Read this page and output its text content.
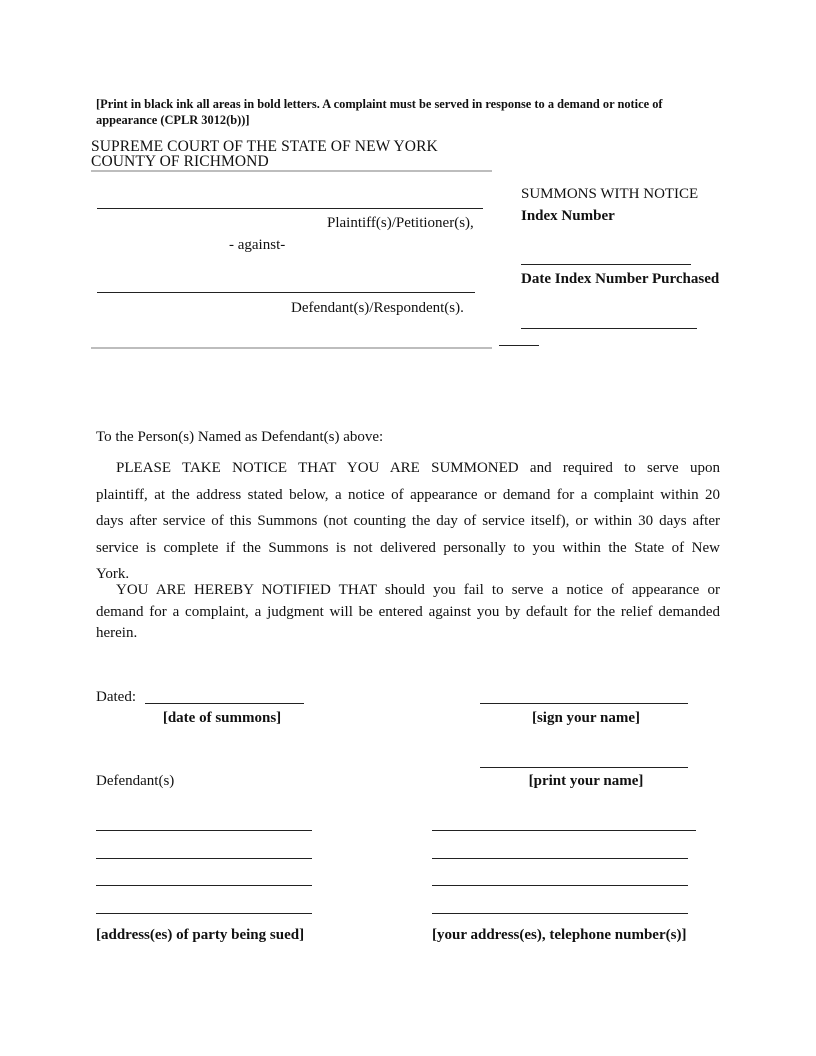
[Print in black ink all areas in bold letters. A complaint must be served in response to a demand or notice of appearance (CPLR 3012(b))]
SUPREME COURT OF THE STATE OF NEW YORK
COUNTY OF RICHMOND
Plaintiff(s)/Petitioner(s),
- against-
Defendant(s)/Respondent(s).
SUMMONS WITH NOTICE
Index Number
Date Index Number Purchased
To the Person(s) Named as Defendant(s) above:
PLEASE TAKE NOTICE THAT YOU ARE SUMMONED and required to serve upon
plaintiff, at the address stated below, a notice of appearance or demand for a complaint within 20
days after service of this Summons (not counting the day of service itself), or within 30 days after
service is complete if the Summons is not delivered personally to you within the State of New
York.
YOU ARE HEREBY NOTIFIED THAT should you fail to serve a notice of appearance or
demand for a complaint, a judgment will be entered against you by default for the relief demanded
herein.
Dated:
[date of summons]	[sign your name]
[print your name]
Defendant(s)
[address(es) of party being sued]	[your address(es), telephone number(s)]
